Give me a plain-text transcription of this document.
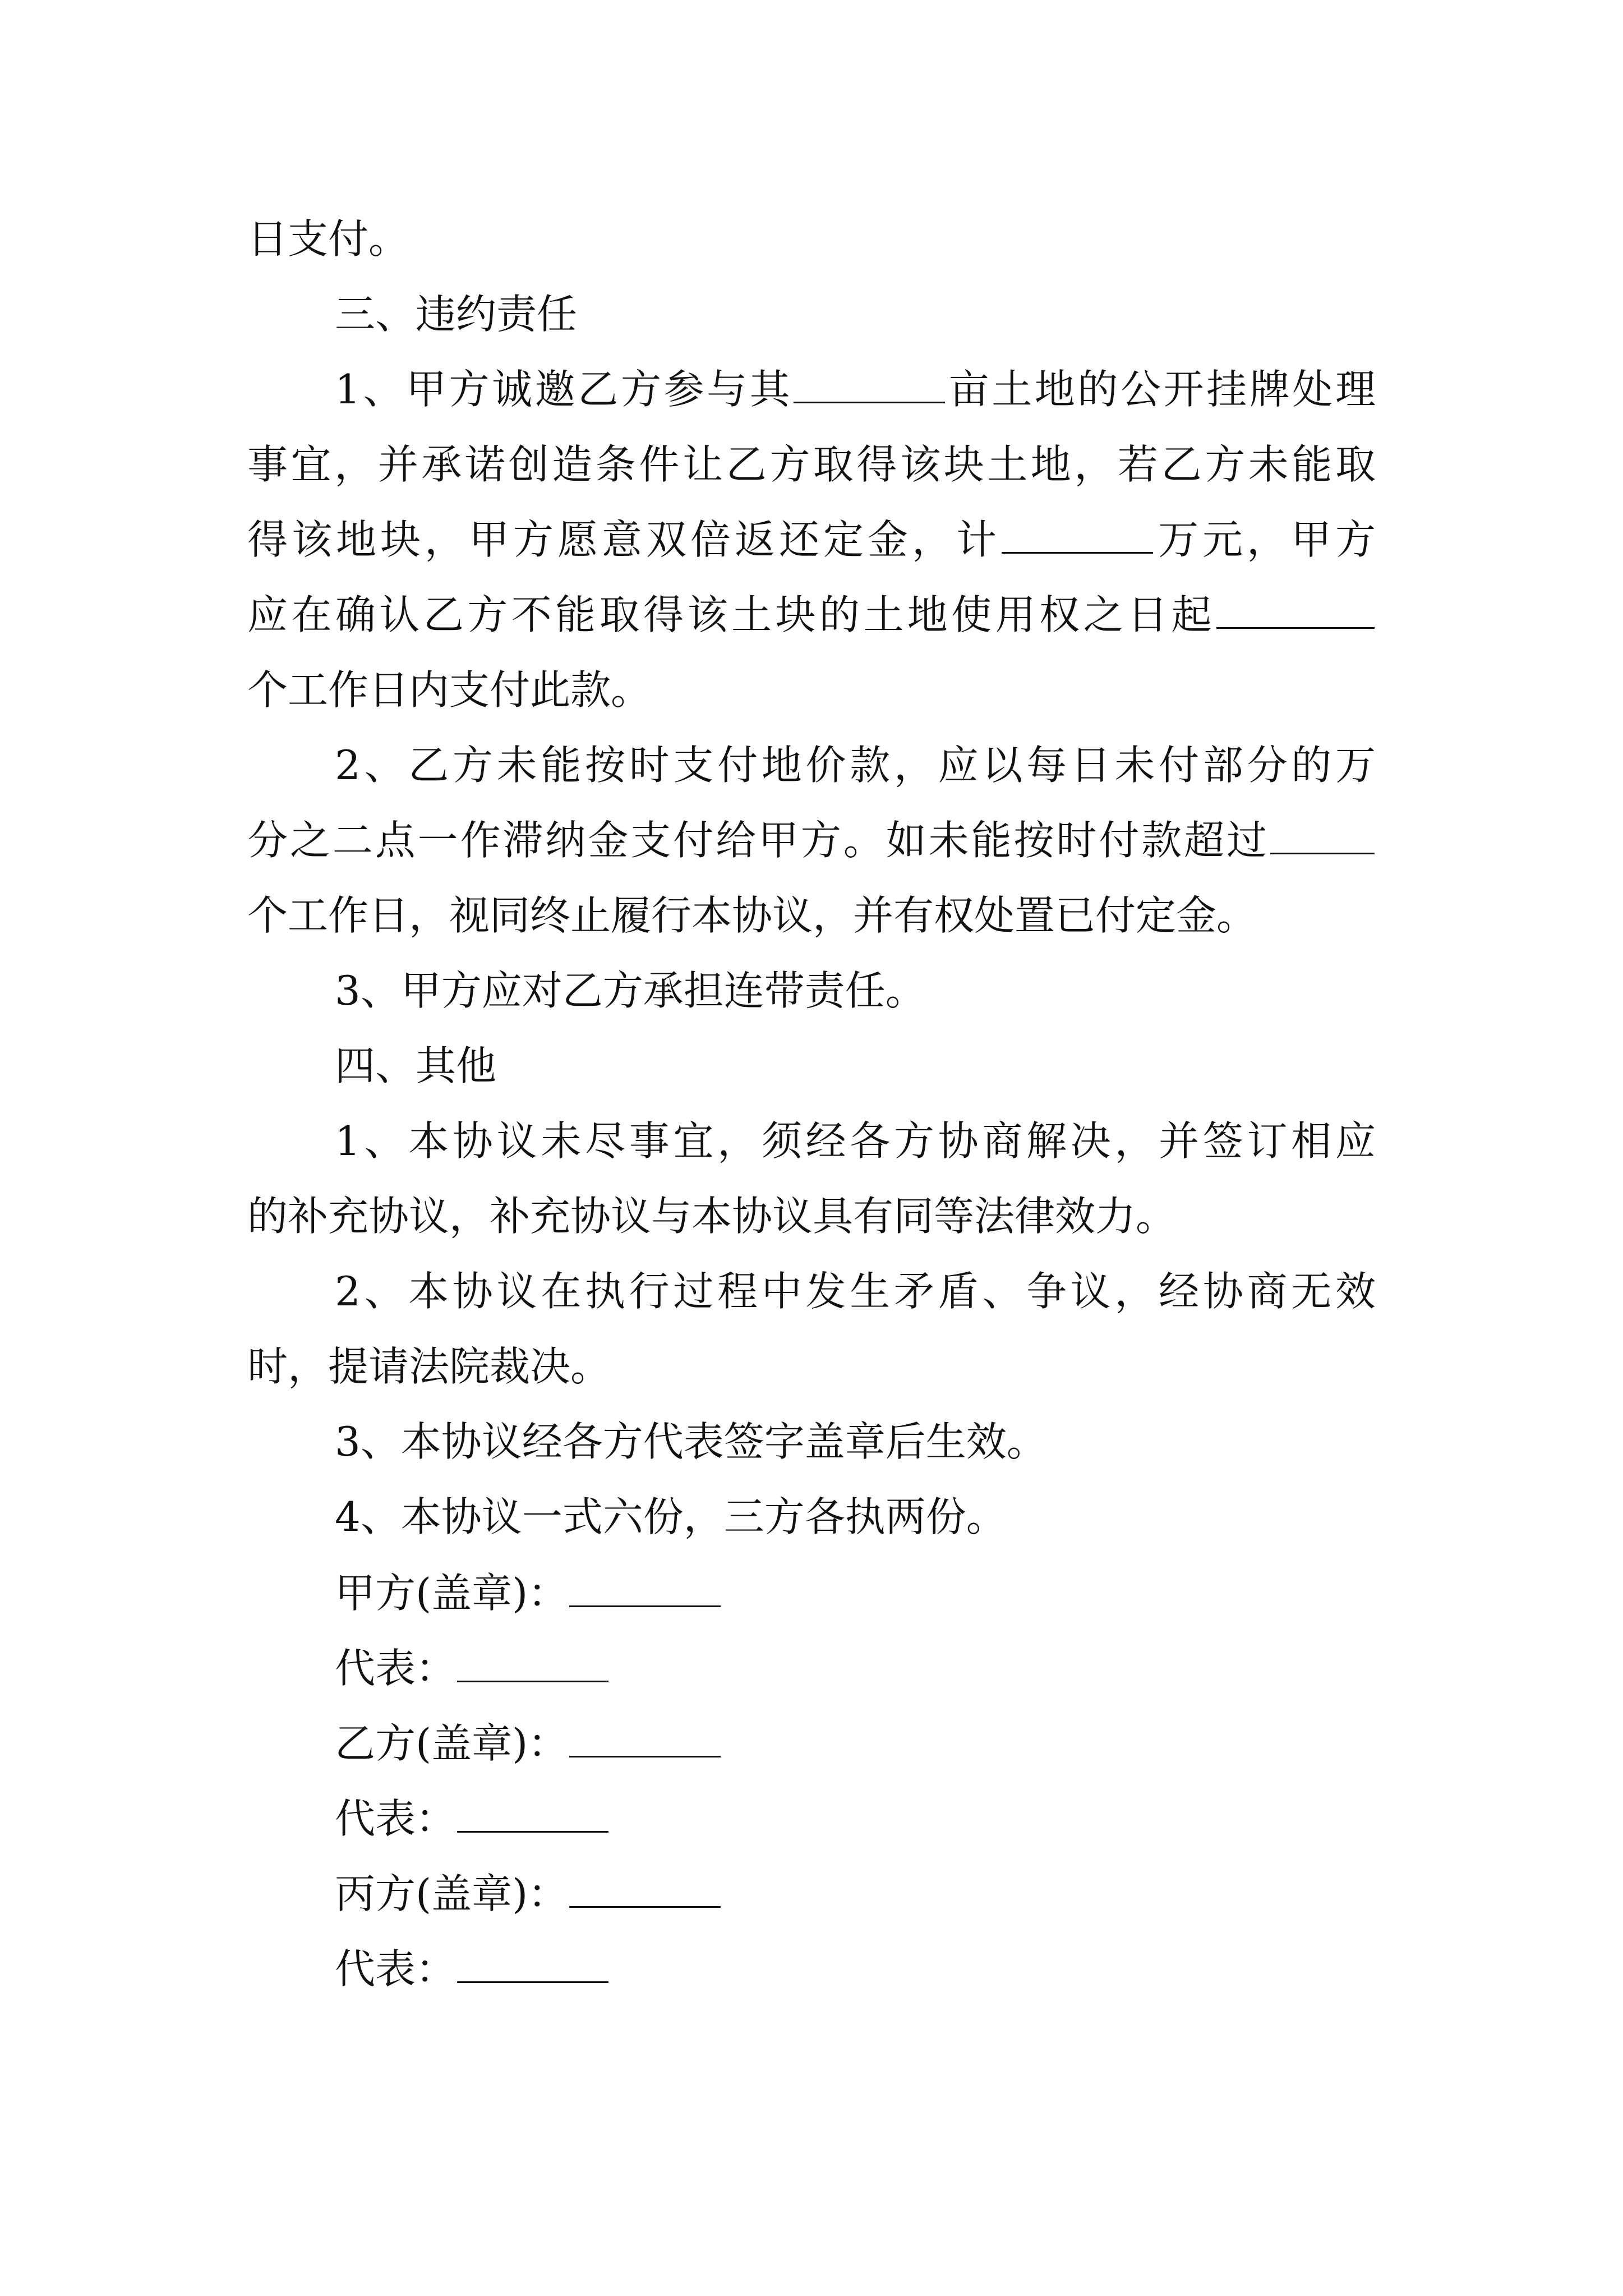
日支付。
三、违约责任
1、甲方诚邀乙方参与其	亩土地的公开挂牌处理
事宜，并承诺创造条件让乙方取得该块土地，若乙方未能取
得该地块，甲方愿意双倍返还定金，计	万元，甲方
应在确认乙方不能取得该土块的土地使用权之日起
个工作日内支付此款。
2、乙方未能按时支付地价款，应以每日未付部分的万
分之二点一作滞纳金支付给甲方。如未能按时付款超过
个工作日，视同终止履行本协议，并有权处置已付定金。
3、甲方应对乙方承担连带责任。
四、其他
1、本协议未尽事宜，须经各方协商解决，并签订相应
的补充协议，补充协议与本协议具有同等法律效力。
2、本协议在执行过程中发生矛盾、争议，经协商无效
时，提请法院裁决。
3、本协议经各方代表签字盖章后生效。
4、本协议一式六份，三方各执两份。
甲方(盖章)：
代表：
乙方(盖章)：
代表：
丙方(盖章)：
代表：
